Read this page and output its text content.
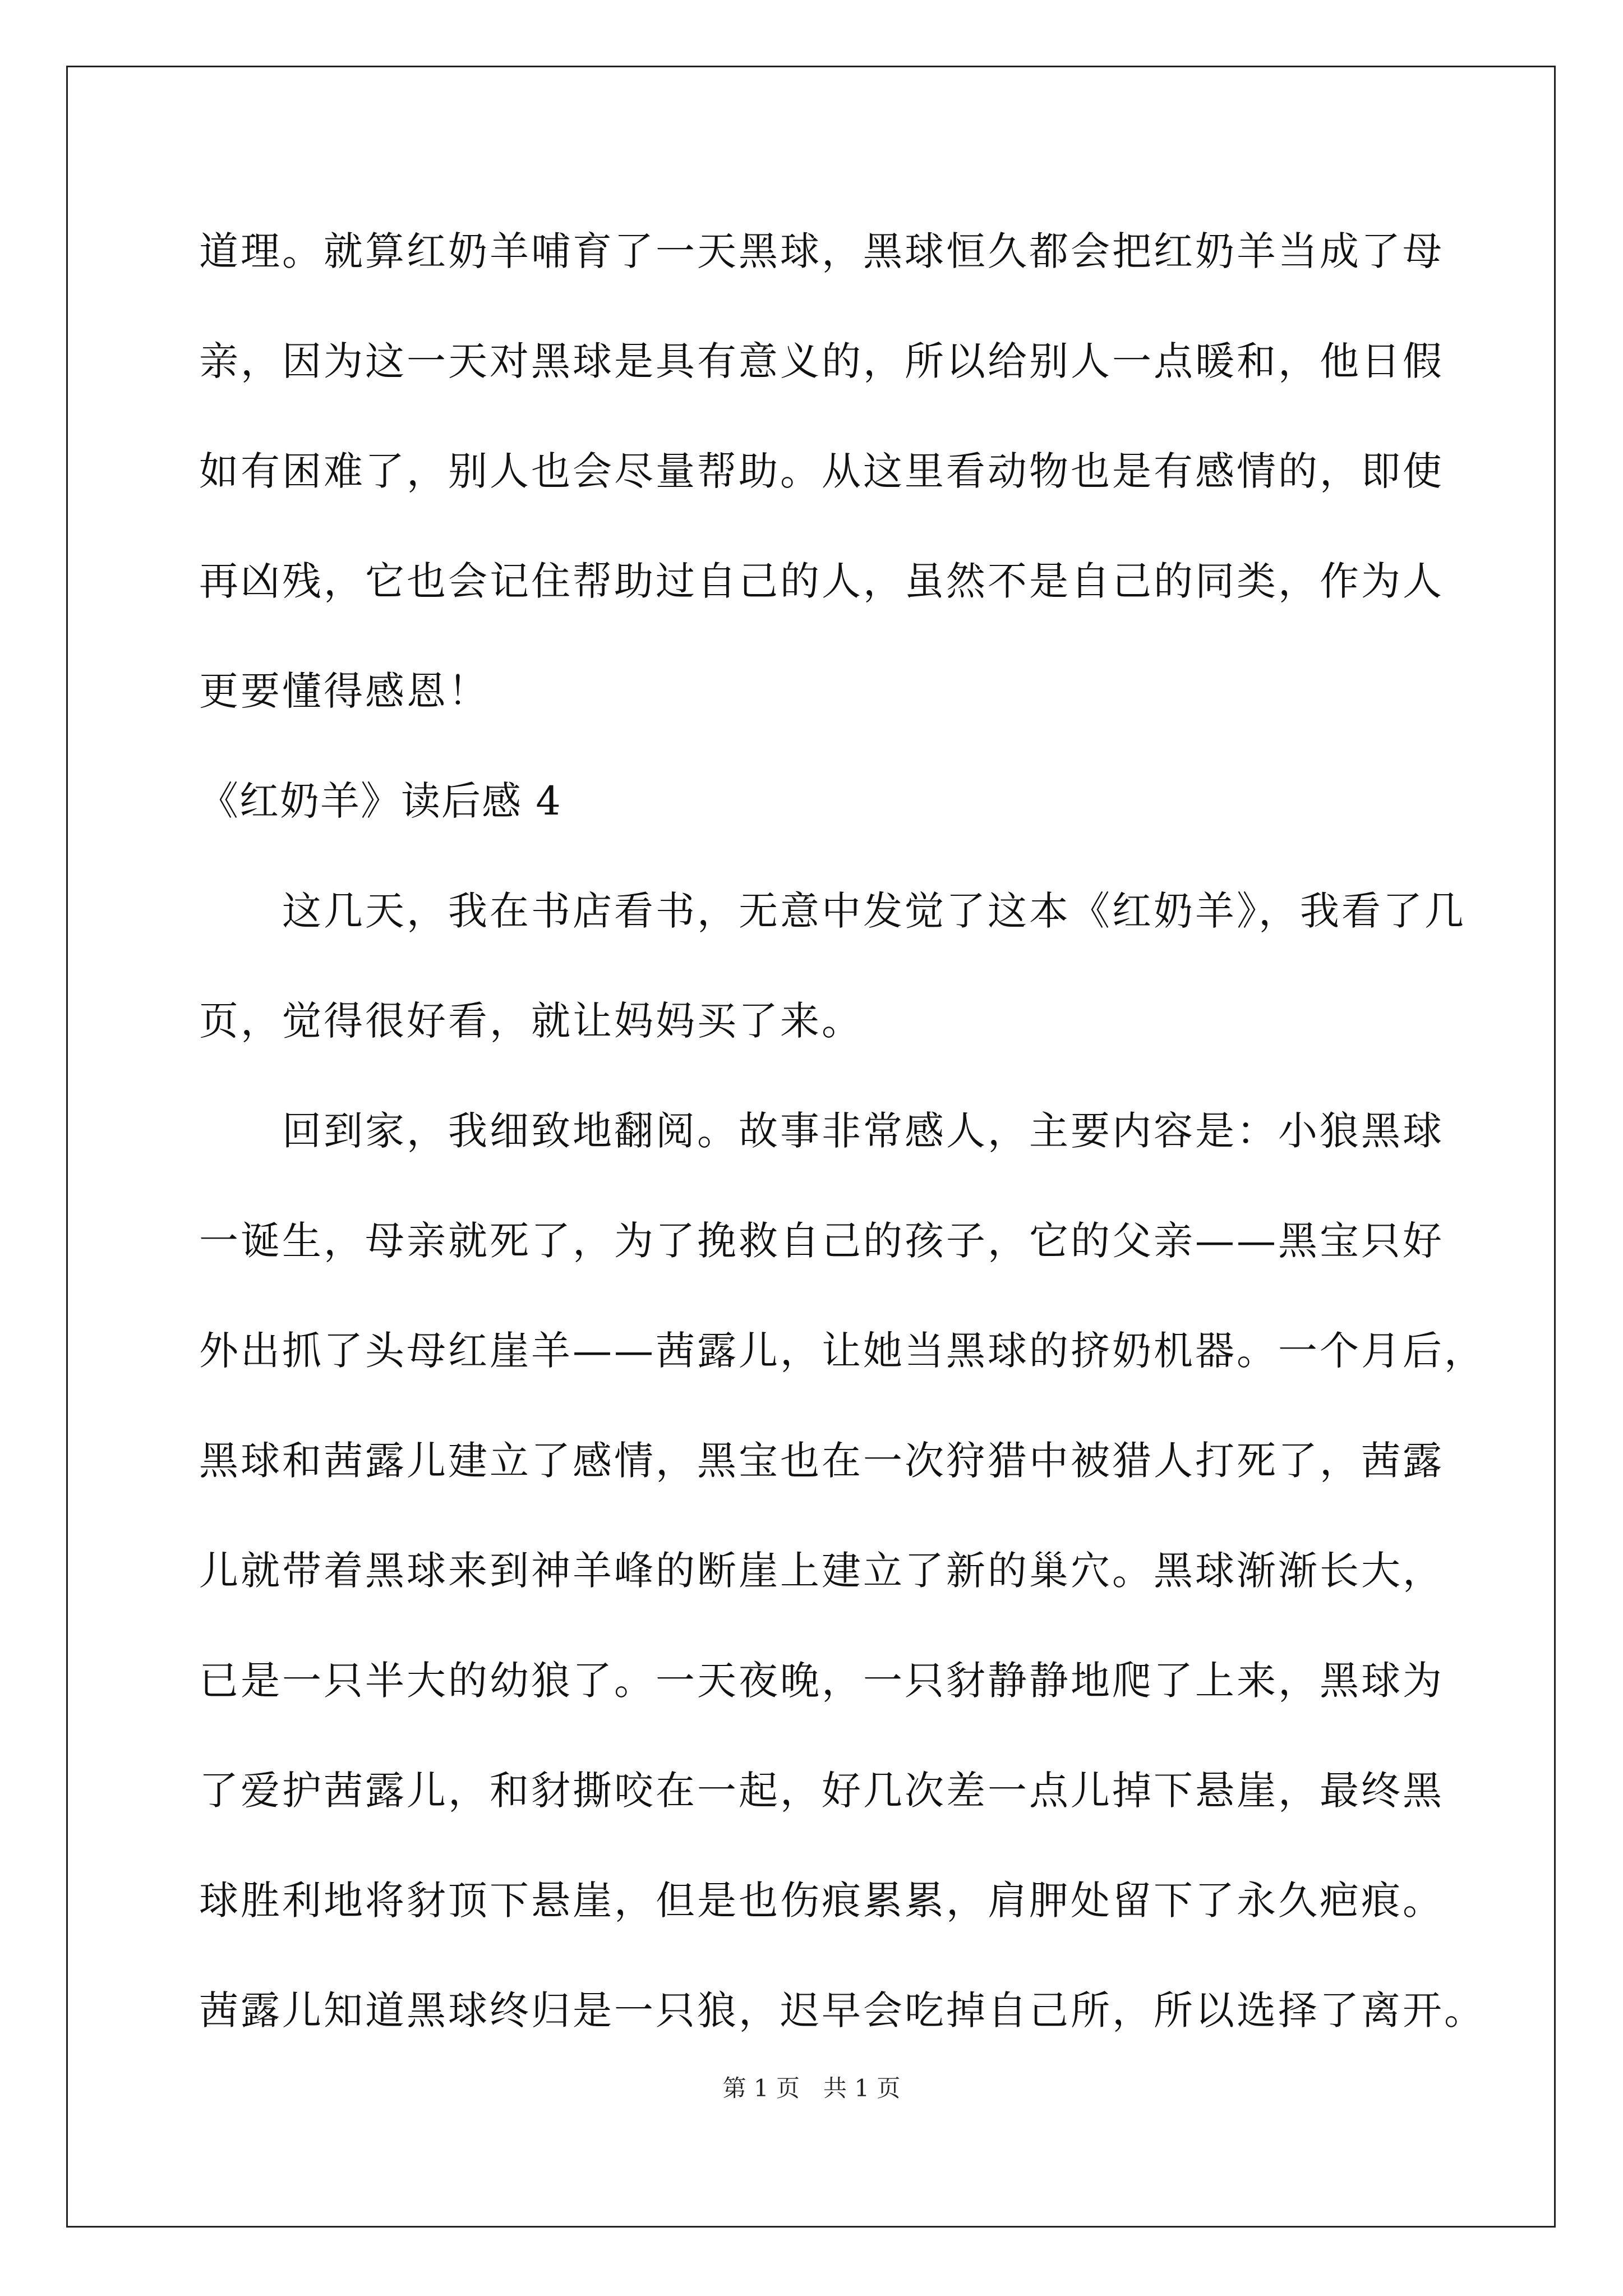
道理。就算红奶羊哺育了一天黑球，黑球恒久都会把红奶羊当成了母
亲，因为这一天对黑球是具有意义的，所以给别人一点暖和，他日假
如有困难了，别人也会尽量帮助。从这里看动物也是有感情的，即使
再凶残，它也会记住帮助过自己的人，虽然不是自己的同类，作为人
更要懂得感恩！
《红奶羊》读后感 4
这几天，我在书店看书，无意中发觉了这本《红奶羊》，我看了几
页，觉得很好看，就让妈妈买了来。
回到家，我细致地翻阅。故事非常感人，主要内容是：小狼黑球
一诞生，母亲就死了，为了挽救自己的孩子，它的父亲——黑宝只好
外出抓了头母红崖羊——茜露儿，让她当黑球的挤奶机器。一个月后，
黑球和茜露儿建立了感情，黑宝也在一次狩猎中被猎人打死了，茜露
儿就带着黑球来到神羊峰的断崖上建立了新的巢穴。黑球渐渐长大，
已是一只半大的幼狼了。一天夜晚，一只豺静静地爬了上来，黑球为
了爱护茜露儿，和豺撕咬在一起，好几次差一点儿掉下悬崖，最终黑
球胜利地将豺顶下悬崖，但是也伤痕累累，肩胛处留下了永久疤痕。
茜露儿知道黑球终归是一只狼，迟早会吃掉自己所，所以选择了离开。
第 1 页　共 1 页
